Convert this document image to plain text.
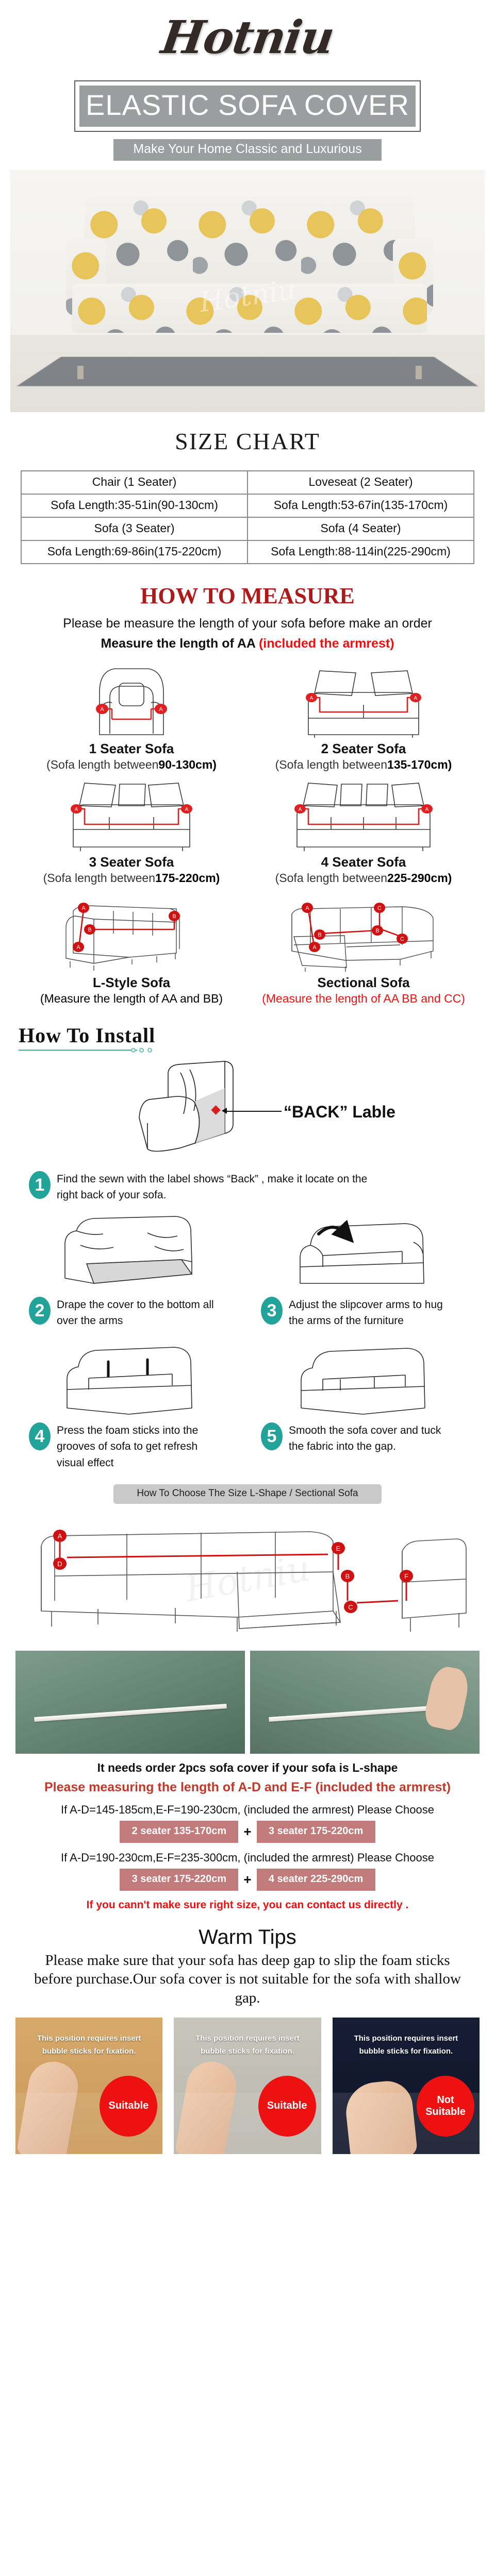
Hotniu
ELASTIC SOFA COVER
Make Your Home Classic and Luxurious
Hotniu
SIZE CHART
Chair (1 Seater)	Loveseat (2 Seater)
Sofa Length:35-51in(90-130cm)	Sofa Length:53-67in(135-170cm)
Sofa (3 Seater)	Sofa (4 Seater)
Sofa Length:69-86in(175-220cm)	Sofa Length:88-114in(225-290cm)
HOW TO MEASURE
Please be measure the length of your sofa before make an order
Measure the length of AA (included the armrest)
A	A
1 Seater Sofa
(Sofa length between90-130cm)
A	A
2 Seater Sofa
(Sofa length between135-170cm)
A	A
3 Seater Sofa
(Sofa length between175-220cm)
A	A
4 Seater Sofa
(Sofa length between225-290cm)
A
A
B
B
L-Style Sofa
(Measure the length of AA and BB)
A
A
B
B
C
C
Sectional Sofa
(Measure the length of AA BB and CC)
How To Install
“BACK” Lable
1	Find the sewn with the label shows “Back” , make it locate on the right back of your sofa.
2	Drape the cover to the bottom all over the arms
3	Adjust the slipcover arms to hug the arms of the furniture
4	Press the foam sticks into the grooves of sofa to get refresh visual effect
5	Smooth the sofa cover and tuck the fabric into the gap.
How To Choose The Size L-Shape / Sectional Sofa
Hotniu
A
D
E
B
C
F
It needs order 2pcs sofa cover if your sofa is L-shape
Please measuring the length of A-D and E-F (included the armrest)
If A-D=145-185cm,E-F=190-230cm, (included the armrest) Please Choose
2 seater 135-170cm	+	3 seater 175-220cm
If A-D=190-230cm,E-F=235-300cm, (included the armrest) Please Choose
3 seater 175-220cm	+	4 seater 225-290cm
If you cann't make sure right size, you can contact us directly .
Warm Tips
Please make sure that your sofa has deep gap to slip the foam sticks before purchase.Our sofa cover is not suitable for the sofa with shallow gap.
This position requires insert
bubble sticks for fixation.
Suitable
This position requires insert
bubble sticks for fixation.
Suitable
This position requires insert
bubble sticks for fixation.
Not Suitable
